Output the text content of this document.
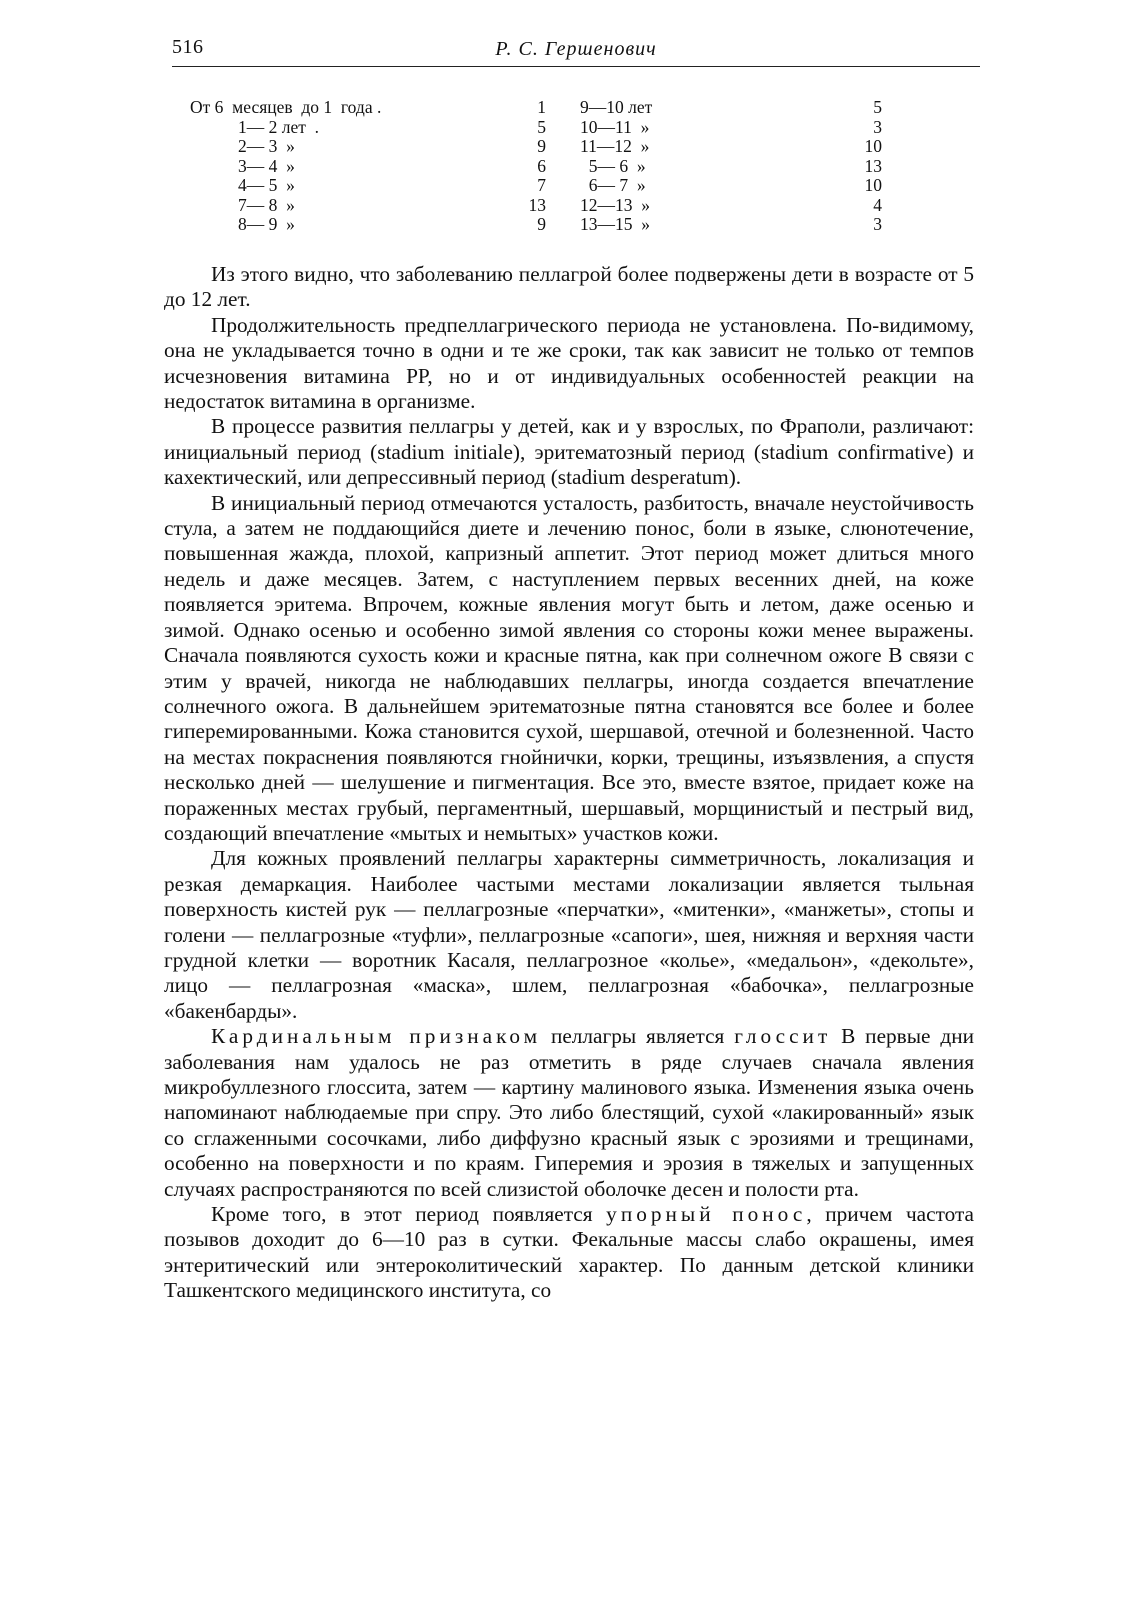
516	Р. С. Гершенович
От 6  месяцев  до 1  года .	1 9—10 лет	5
1— 2 лет  .	5 10—11  »	3
2— 3  »	9 11—12  »	10
3— 4  »	6 5— 6  »	13
4— 5  »	7 6— 7  »	10
7— 8  »	13 12—13  »	4
8— 9  »	9 13—15  »	3

Из этого видно, что заболеванию пеллагрой более подвержены дети в возрасте от 5 до 12 лет.

Продолжительность предпеллагрического периода не установлена. По-видимому, она не укладывается точно в одни и те же сроки, так как зависит не только от темпов исчезновения витамина PP, но и от индивидуальных особенностей реакции на недостаток витамина в организме.

В процессе развития пеллагры у детей, как и у взрослых, по Фраполи, различают: инициальный период (stadium initiale), эритематозный период (stadium confirmative) и кахектический, или депрессивный период (stadium desperatum).

В инициальный период отмечаются усталость, разбитость, вначале неустойчивость стула, а затем не поддающийся диете и лечению понос, боли в языке, слюнотечение, повышенная жажда, плохой, капризный аппетит. Этот период может длиться много недель и даже месяцев. Затем, с наступлением первых весенних дней, на коже появляется эритема. Впрочем, кожные явления могут быть и летом, даже осенью и зимой. Однако осенью и особенно зимой явления со стороны кожи менее выражены. Сначала появляются сухость кожи и красные пятна, как при солнечном ожоге В связи с этим у врачей, никогда не наблюдавших пеллагры, иногда создается впечатление солнечного ожога. В дальнейшем эритематозные пятна становятся все более и более гиперемированными. Кожа становится сухой, шершавой, отечной и болезненной. Часто на местах покраснения появляются гнойнички, корки, трещины, изъязвления, а спустя несколько дней — шелушение и пигментация. Все это, вместе взятое, придает коже на пораженных местах грубый, пергаментный, шершавый, морщинистый и пестрый вид, создающий впечатление «мытых и немытых» участков кожи.

Для кожных проявлений пеллагры характерны симметричность, локализация и резкая демаркация. Наиболее частыми местами локализации является тыльная поверхность кистей рук — пеллагрозные «перчатки», «митенки», «манжеты», стопы и голени — пеллагрозные «туфли», пеллагрозные «сапоги», шея, нижняя и верхняя части грудной клетки — воротник Касаля, пеллагрозное «колье», «медальон», «декольте», лицо — пеллагрозная «маска», шлем, пеллагрозная «бабочка», пеллагрозные «бакенбарды».

Кардинальным признаком пеллагры является глоссит В первые дни заболевания нам удалось не раз отметить в ряде случаев сначала явления микробуллезного глоссита, затем — картину малинового языка. Изменения языка очень напоминают наблюдаемые при спру. Это либо блестящий, сухой «лакированный» язык со сглаженными сосочками, либо диффузно красный язык с эрозиями и трещинами, особенно на поверхности и по краям. Гиперемия и эрозия в тяжелых и запущенных случаях распространяются по всей слизистой оболочке десен и полости рта.

Кроме того, в этот период появляется упорный понос, причем частота позывов доходит до 6—10 раз в сутки. Фекальные массы слабо окрашены, имея энтеритический или энтероколитический характер. По данным детской клиники Ташкентского медицинского института, со
